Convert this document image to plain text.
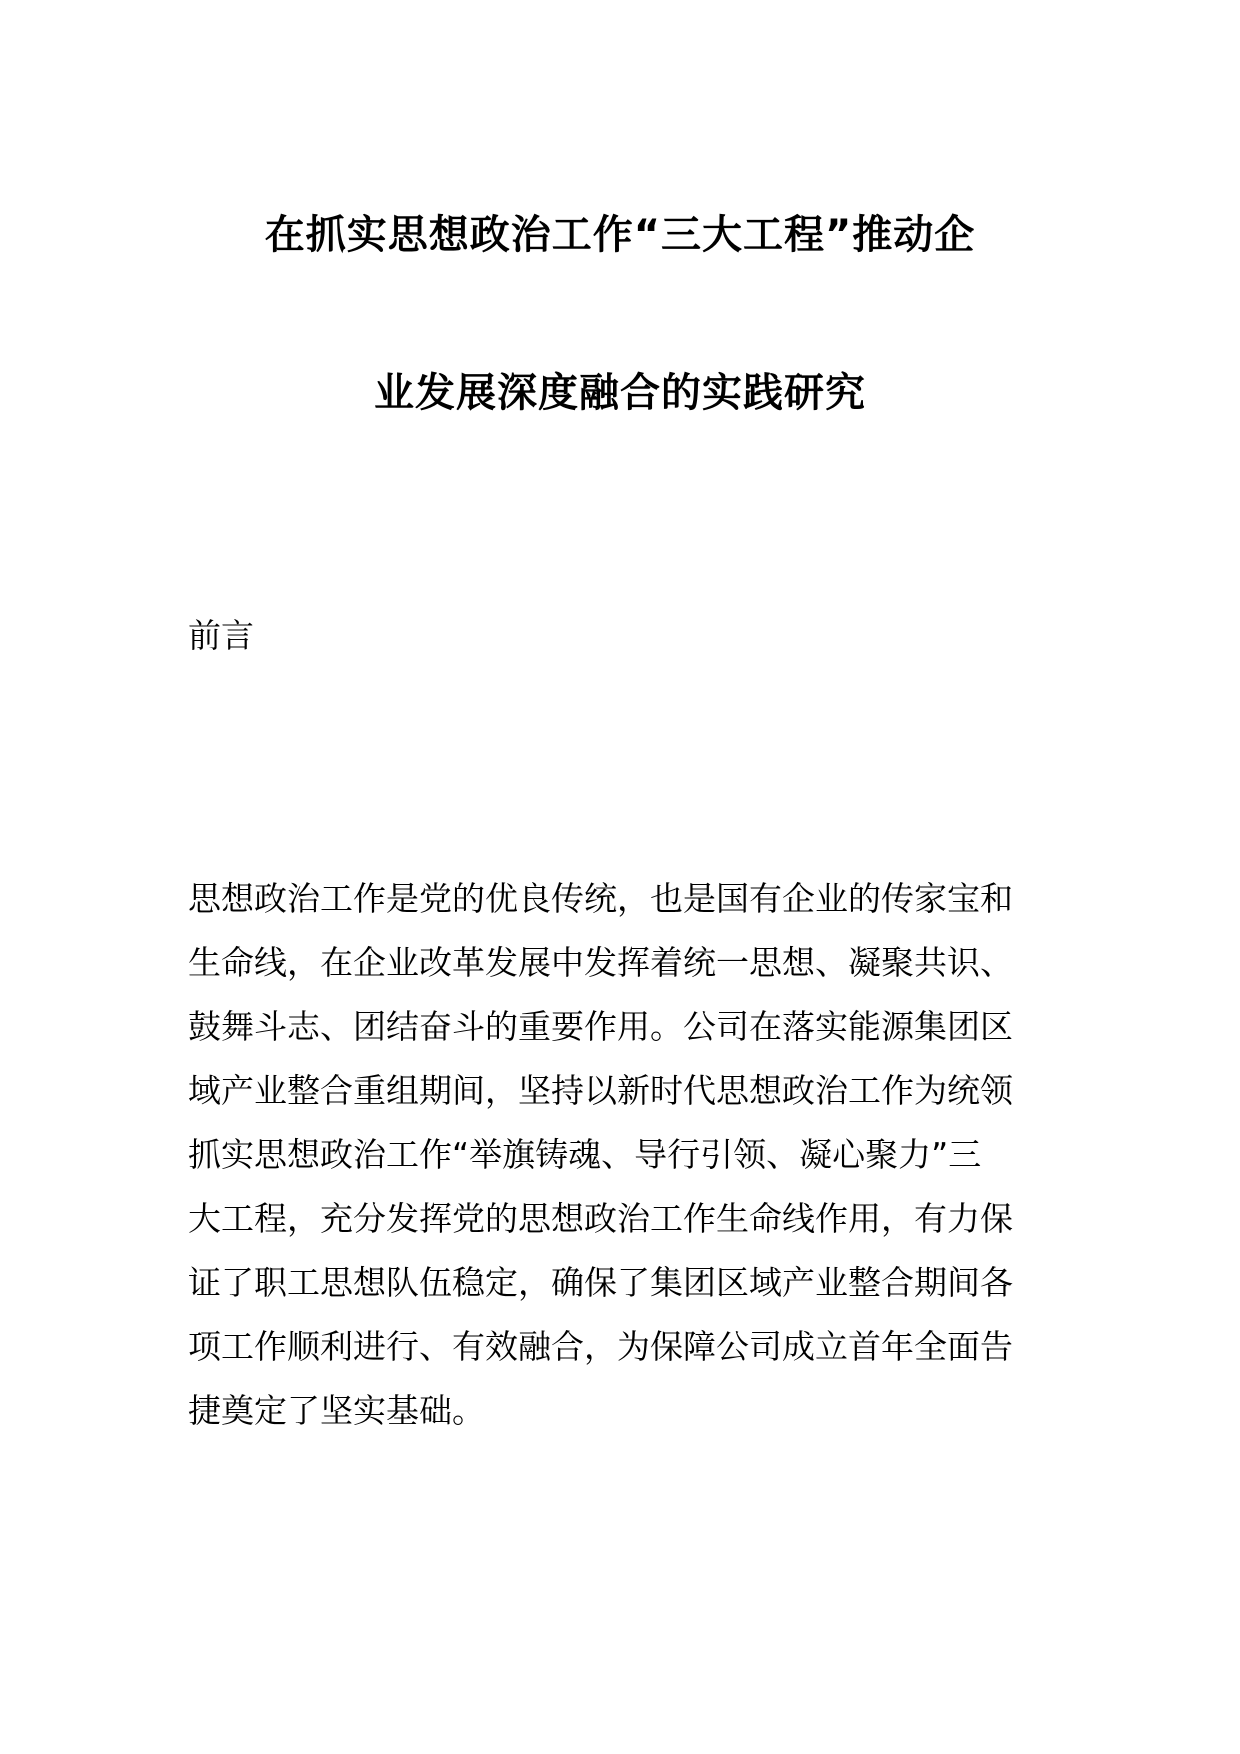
在抓实思想政治工作“三大工程”推动企
业发展深度融合的实践研究
前言
思想政治工作是党的优良传统，也是国有企业的传家宝和
生命线，在企业改革发展中发挥着统一思想、凝聚共识、
鼓舞斗志、团结奋斗的重要作用。公司在落实能源集团区
域产业整合重组期间，坚持以新时代思想政治工作为统领
抓实思想政治工作“举旗铸魂、导行引领、凝心聚力”三
大工程，充分发挥党的思想政治工作生命线作用，有力保
证了职工思想队伍稳定，确保了集团区域产业整合期间各
项工作顺利进行、有效融合，为保障公司成立首年全面告
捷奠定了坚实基础。
